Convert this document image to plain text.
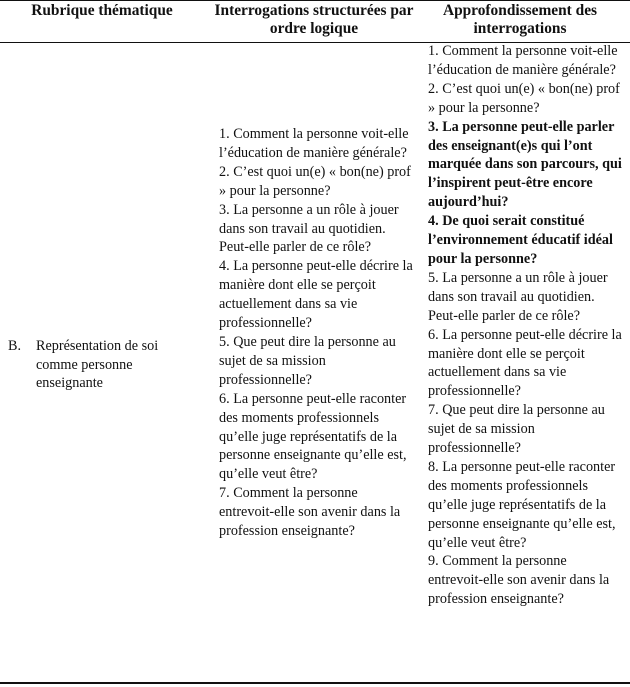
Rubrique thématique	Interrogations structurées par ordre logique
Approfondissement des interrogations
B. Représentation de soi comme personne enseignante
1. Comment la personne voit-elle l’éducation de manière générale?
2. C’est quoi un(e) « bon(ne) prof » pour la personne?
3. La personne a un rôle à jouer dans son travail au quotidien. Peut-elle parler de ce rôle?
4. La personne peut-elle décrire la manière dont elle se perçoit actuellement dans sa vie professionnelle?
5. Que peut dire la personne au sujet de sa mission professionnelle?
6. La personne peut-elle raconter des moments professionnels qu’elle juge représentatifs de la personne enseignante qu’elle est, qu’elle veut être?
7. Comment la personne entrevoit-elle son avenir dans la profession enseignante?
1. Comment la personne voit-elle l’éducation de manière générale?
2. C’est quoi un(e) « bon(ne) prof » pour la personne?
3. La personne peut-elle parler des enseignant(e)s qui l’ont marquée dans son parcours, qui l’inspirent peut-être encore aujourd’hui?
4. De quoi serait constitué l’environnement éducatif idéal pour la personne?
5. La personne a un rôle à jouer dans son travail au quotidien. Peut-elle parler de ce rôle?
6. La personne peut-elle décrire la manière dont elle se perçoit actuellement dans sa vie professionnelle?
7. Que peut dire la personne au sujet de sa mission professionnelle?
8. La personne peut-elle raconter des moments professionnels qu’elle juge représentatifs de la personne enseignante qu’elle est, qu’elle veut être?
9. Comment la personne entrevoit-elle son avenir dans la profession enseignante?
